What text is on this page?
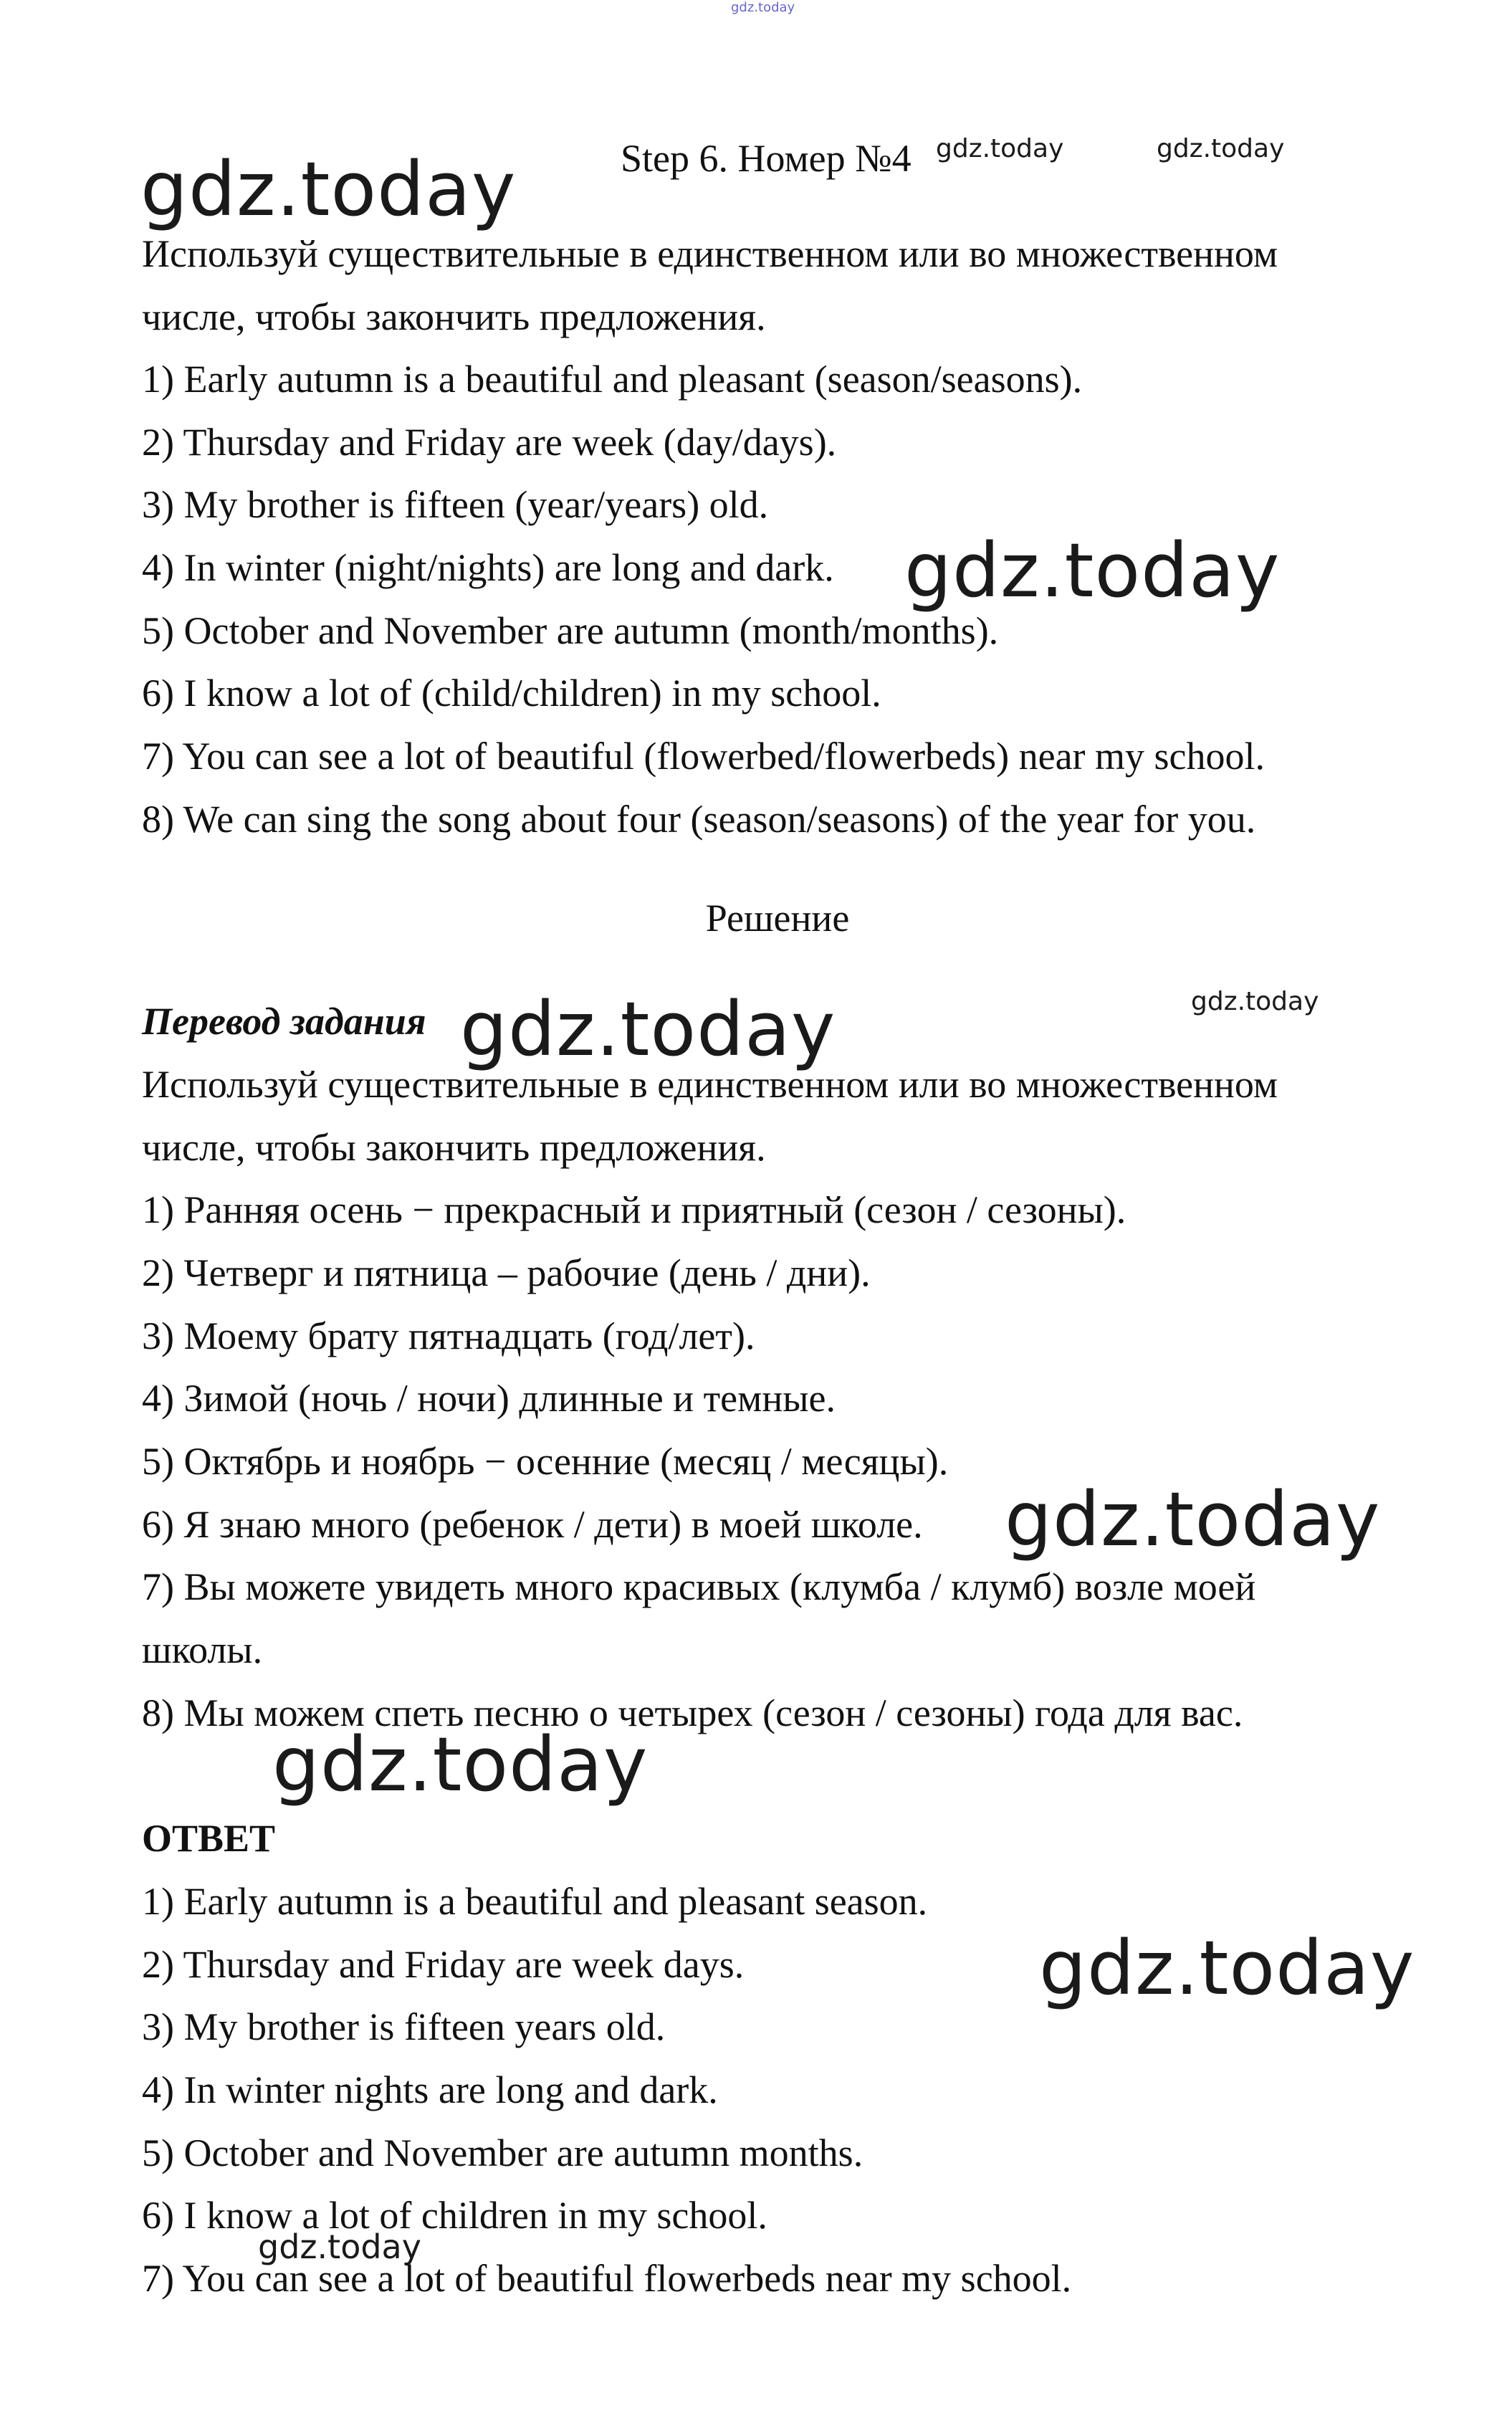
gdz.today
Step 6. Номер №4
Используй существительные в единственном или во множественном
числе, чтобы закончить предложения.
1) Early autumn is a beautiful and pleasant (season/seasons).
2) Thursday and Friday are week (day/days).
3) My brother is fifteen (year/years) old.
4) In winter (night/nights) are long and dark.
5) October and November are autumn (month/months).
6) I know a lot of (child/children) in my school.
7) You can see a lot of beautiful (flowerbed/flowerbeds) near my school.
8) We can sing the song about four (season/seasons) of the year for you.
Решение
Перевод задания
Используй существительные в единственном или во множественном
числе, чтобы закончить предложения.
1) Ранняя осень − прекрасный и приятный (сезон / сезоны).
2) Четверг и пятница – рабочие (день / дни).
3) Моему брату пятнадцать (год/лет).
4) Зимой (ночь / ночи) длинные и темные.
5) Октябрь и ноябрь − осенние (месяц / месяцы).
6) Я знаю много (ребенок / дети) в моей школе.
7) Вы можете увидеть много красивых (клумба / клумб) возле моей
школы.
8) Мы можем спеть песню о четырех (сезон / сезоны) года для вас.
ОТВЕТ
1) Early autumn is a beautiful and pleasant season.
2) Thursday and Friday are week days.
3) My brother is fifteen years old.
4) In winter nights are long and dark.
5) October and November are autumn months.
6) I know a lot of children in my school.
7) You can see a lot of beautiful flowerbeds near my school.
gdz.today	gdz.today
gdz.today
gdz.today
gdz.today
gdz.today
gdz.today
gdz.today
gdz.today
gdz.today
